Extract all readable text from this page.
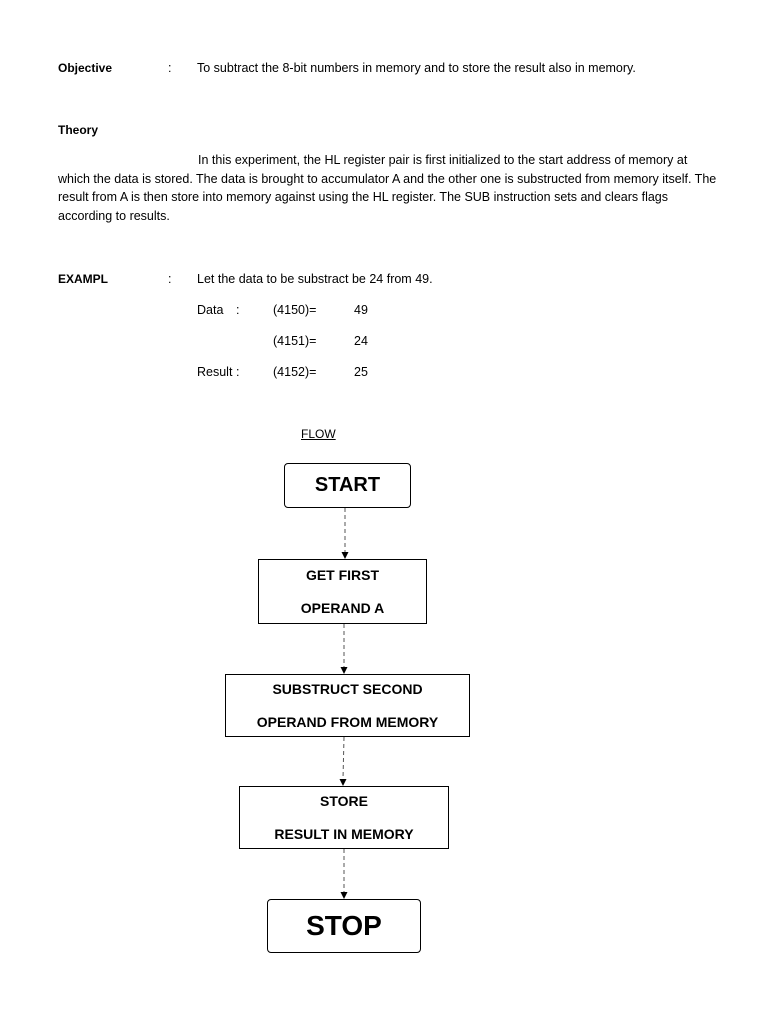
Objective	: To subtract the 8-bit numbers in memory and to store the result also in memory.
Theory
In this experiment, the HL register pair is first initialized to the start address of memory at which the data is stored. The data is brought to accumulator A and the other one is substructed from memory itself. The result from A is then store into memory against using the HL register. The SUB instruction sets and clears flags according to results.
EXAMPL	: Let the data to be substract be 24 from 49.
Data :	(4150)=	49
(4151)=	24
Result :	(4152)=	25
FLOW
START
GET FIRST
OPERAND A
SUBSTRUCT SECOND
OPERAND FROM MEMORY
STORE
RESULT IN MEMORY
STOP
